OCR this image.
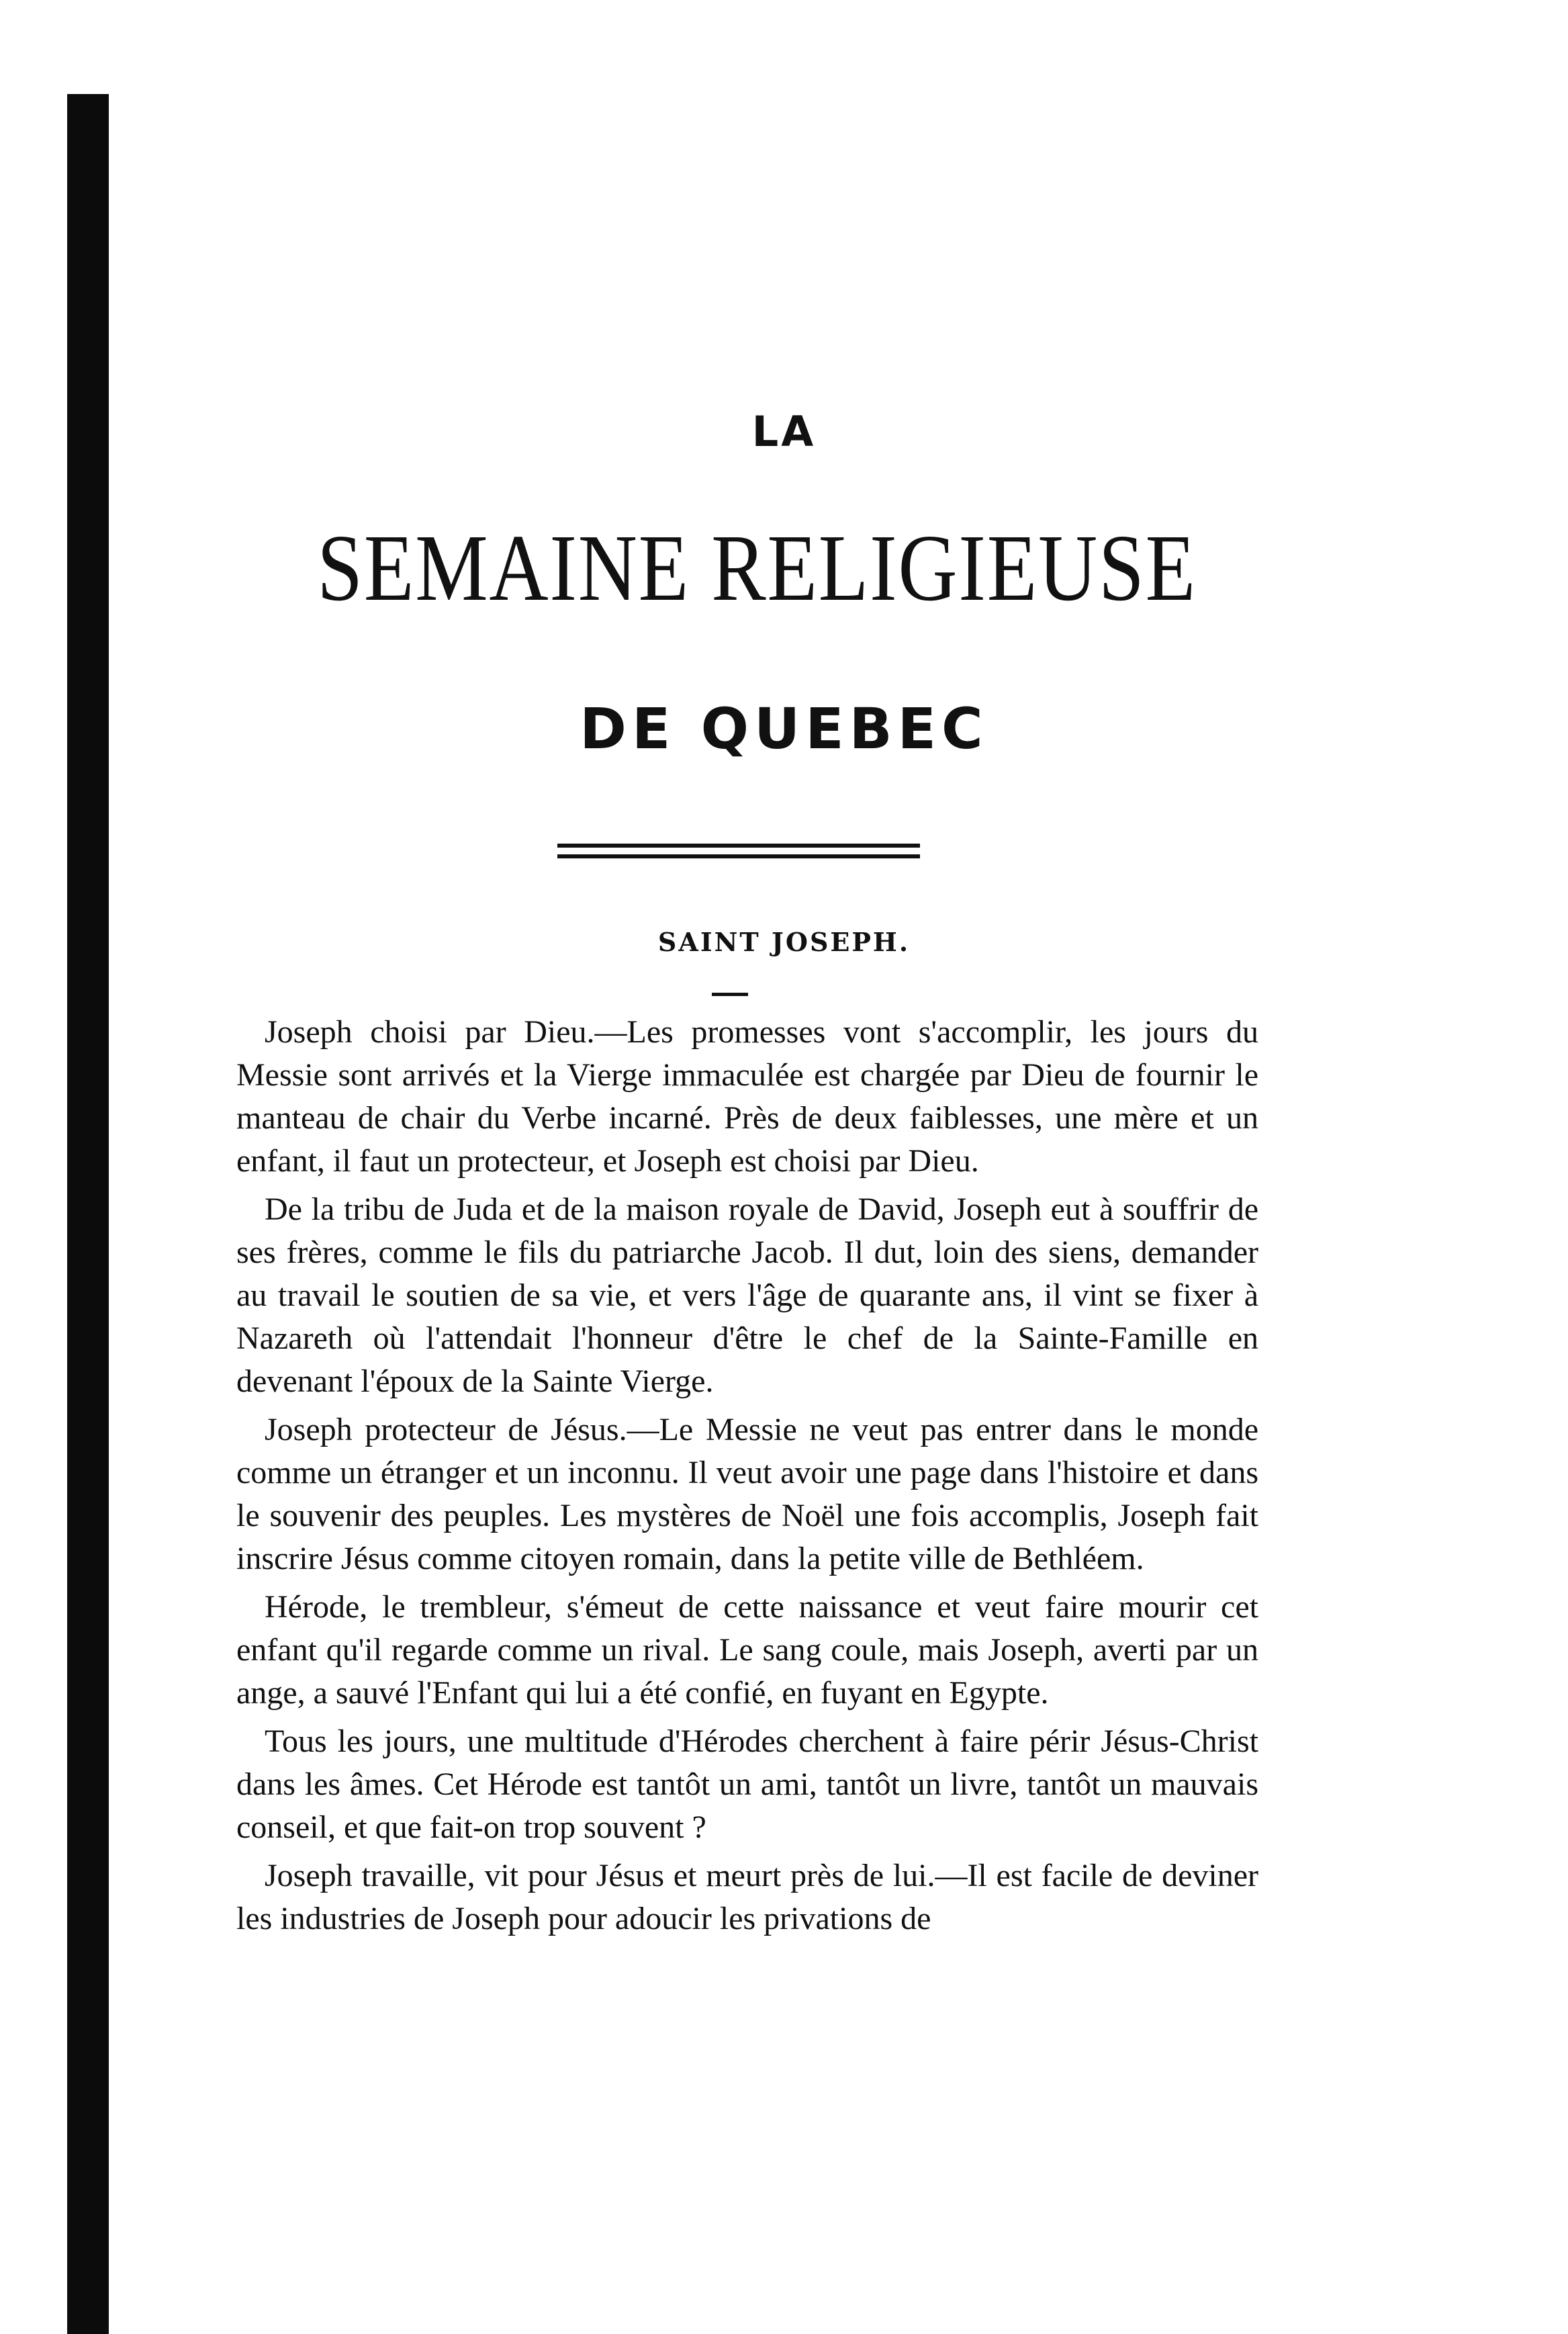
LA
SEMAINE RELIGIEUSE
DE QUEBEC
SAINT JOSEPH.

Joseph choisi par Dieu.—Les promesses vont s'accomplir, les jours du Messie sont arrivés et la Vierge immaculée est chargée par Dieu de fournir le manteau de chair du Verbe incarné. Près de deux faiblesses, une mère et un enfant, il faut un protecteur, et Joseph est choisi par Dieu.

De la tribu de Juda et de la maison royale de David, Joseph eut à souffrir de ses frères, comme le fils du patriarche Jacob. Il dut, loin des siens, demander au travail le soutien de sa vie, et vers l'âge de quarante ans, il vint se fixer à Nazareth où l'attendait l'honneur d'être le chef de la Sainte-Famille en devenant l'époux de la Sainte Vierge.

Joseph protecteur de Jésus.—Le Messie ne veut pas entrer dans le monde comme un étranger et un inconnu. Il veut avoir une page dans l'histoire et dans le souvenir des peuples. Les mystères de Noël une fois accomplis, Joseph fait inscrire Jésus comme citoyen romain, dans la petite ville de Bethléem.

Hérode, le trembleur, s'émeut de cette naissance et veut faire mourir cet enfant qu'il regarde comme un rival. Le sang coule, mais Joseph, averti par un ange, a sauvé l'Enfant qui lui a été confié, en fuyant en Egypte.

Tous les jours, une multitude d'Hérodes cherchent à faire périr Jésus-Christ dans les âmes. Cet Hérode est tantôt un ami, tantôt un livre, tantôt un mauvais conseil, et que fait-on trop souvent ?

Joseph travaille, vit pour Jésus et meurt près de lui.—Il est facile de deviner les industries de Joseph pour adoucir les privations de
